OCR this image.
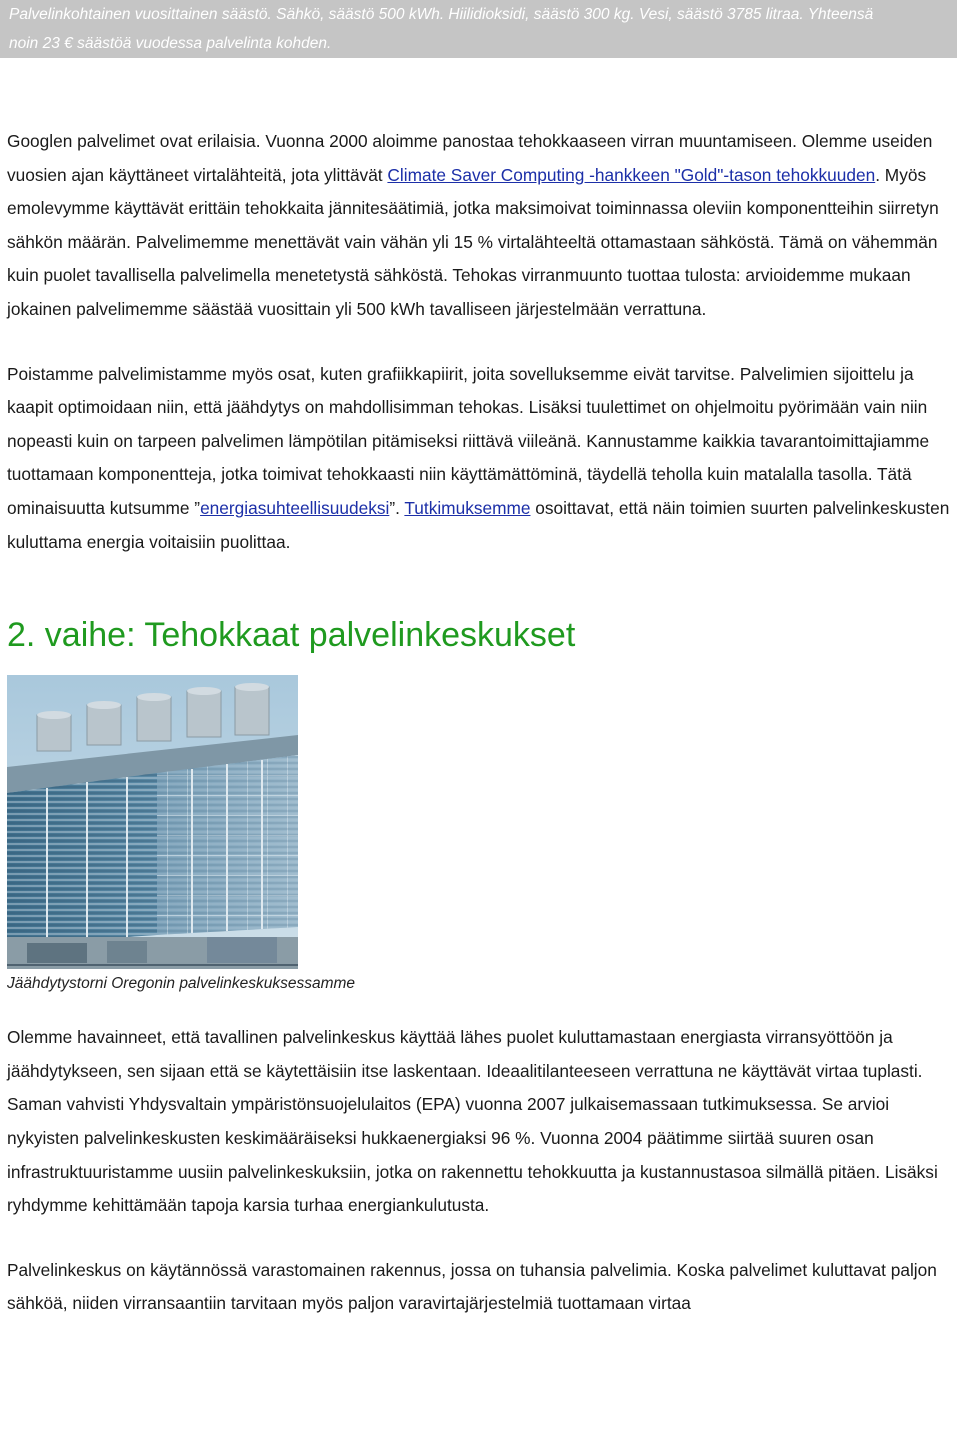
Palvelinkohtainen vuosittainen säästö. Sähkö, säästö 500 kWh. Hiilidioksidi, säästö 300 kg. Vesi, säästö 3785 litraa. Yhteensä
noin 23 € säästöä vuodessa palvelinta kohden.

Googlen palvelimet ovat erilaisia. Vuonna 2000 aloimme panostaa tehokkaaseen virran muuntamiseen. Olemme useiden vuosien ajan käyttäneet virtalähteitä, jota ylittävät Climate Saver Computing -hankkeen "Gold"-tason tehokkuuden. Myös emolevymme käyttävät erittäin tehokkaita jännitesäätimiä, jotka maksimoivat toiminnassa oleviin komponentteihin siirretyn sähkön määrän. Palvelimemme menettävät vain vähän yli 15 % virtalähteeltä ottamastaan sähköstä. Tämä on vähemmän kuin puolet tavallisella palvelimella menetetystä sähköstä. Tehokas virranmuunto tuottaa tulosta: arvioidemme mukaan jokainen palvelimemme säästää vuosittain yli 500 kWh tavalliseen järjestelmään verrattuna.

Poistamme palvelimistamme myös osat, kuten grafiikkapiirit, joita sovelluksemme eivät tarvitse. Palvelimien sijoittelu ja kaapit optimoidaan niin, että jäähdytys on mahdollisimman tehokas. Lisäksi tuulettimet on ohjelmoitu pyörimään vain niin nopeasti kuin on tarpeen palvelimen lämpötilan pitämiseksi riittävä viileänä. Kannustamme kaikkia tavarantoimittajiamme tuottamaan komponentteja, jotka toimivat tehokkaasti niin käyttämättöminä, täydellä teholla kuin matalalla tasolla. Tätä ominaisuutta kutsumme ”energiasuhteellisuudeksi”. Tutkimuksemme osoittavat, että näin toimien suurten palvelinkeskusten kuluttama energia voitaisiin puolittaa.

2. vaihe: Tehokkaat palvelinkeskukset

Jäähdytystorni Oregonin palvelinkeskuksessamme

Olemme havainneet, että tavallinen palvelinkeskus käyttää lähes puolet kuluttamastaan energiasta virransyöttöön ja jäähdytykseen, sen sijaan että se käytettäisiin itse laskentaan. Ideaalitilanteeseen verrattuna ne käyttävät virtaa tuplasti. Saman vahvisti Yhdysvaltain ympäristönsuojelulaitos (EPA) vuonna 2007 julkaisemassaan tutkimuksessa. Se arvioi nykyisten palvelinkeskusten keskimääräiseksi hukkaenergiaksi 96 %. Vuonna 2004 päätimme siirtää suuren osan infrastruktuuristamme uusiin palvelinkeskuksiin, jotka on rakennettu tehokkuutta ja kustannustasoa silmällä pitäen. Lisäksi ryhdymme kehittämään tapoja karsia turhaa energiankulutusta.

Palvelinkeskus on käytännössä varastomainen rakennus, jossa on tuhansia palvelimia. Koska palvelimet kuluttavat paljon sähköä, niiden virransaantiin tarvitaan myös paljon varavirtajärjestelmiä tuottamaan virtaa
